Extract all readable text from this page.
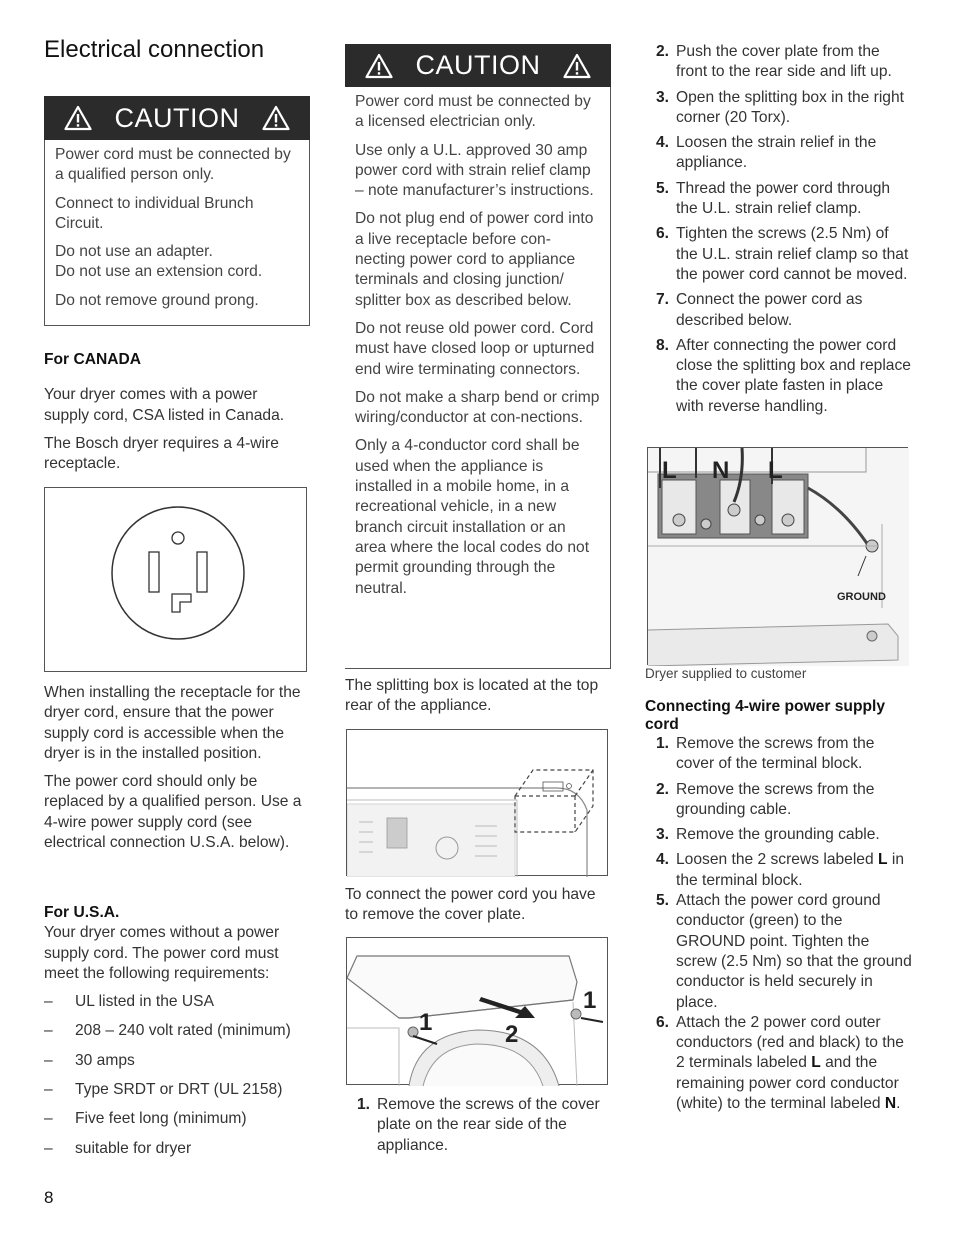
Electrical connection
CAUTION

Power cord must be connected by a qualified person only.

Connect to individual Brunch Circuit.

Do not use an adapter.

Do not use an extension cord.

Do not remove ground prong.

For CANADA

Your dryer comes with a power supply cord, CSA listed in Canada.

The Bosch dryer requires a 4-wire receptacle.

When installing the receptacle for the dryer cord, ensure that the power supply cord is accessible when the dryer is in the installed position.

The power cord should only be replaced by a qualified person. Use a 4-wire power supply cord (see electrical connection U.S.A. below).

For U.S.A.

Your dryer comes without a power supply cord. The power cord must meet the following requirements:

– UL listed in the USA
– 208 – 240 volt rated (minimum)
– 30 amps
– Type SRDT or DRT (UL 2158)
– Five feet long (minimum)
– suitable for dryer
8
CAUTION

Power cord must be connected by a licensed electrician only.

Use only a U.L. approved 30 amp power cord with strain relief clamp – note manufacturer’s instructions.

Do not plug end of power cord into a live receptacle before con-necting power cord to appliance terminals and closing junction/ splitter box as described below.

Do not reuse old power cord. Cord must have closed loop or upturned end wire terminating connectors.

Do not make a sharp bend or crimp wiring/conductor at con-nections.

Only a 4-conductor cord shall be used when the appliance is installed in a mobile home, in a recreational vehicle, in a new branch circuit installation or an area where the local codes do not permit grounding through the neutral.

The splitting box is located at the top rear of the appliance.

To connect the power cord you have to remove the cover plate.

1
1
2
1. Remove the screws of the cover plate on the rear side of the appliance.
2. Push the cover plate from the front to the rear side and lift up.
3. Open the splitting box in the right corner (20 Torx).
4. Loosen the strain relief in the appliance.
5. Thread the power cord through the U.L. strain relief clamp.
6. Tighten the screws (2.5 Nm) of the U.L. strain relief clamp so that the power cord cannot be moved.
7. Connect the power cord as described below.
8. After connecting the power cord close the splitting box and replace the cover plate fasten in place with reverse handling.
L N L
GROUND
Dryer supplied to customer
Connecting 4-wire power supply cord
1. Remove the screws from the cover of the terminal block.
2. Remove the screws from the grounding cable.
3. Remove the grounding cable.
4. Loosen the 2 screws labeled L in the terminal block.
5. Attach the power cord ground conductor (green) to the GROUND point. Tighten the screw (2.5 Nm) so that the ground conductor is held securely in place.
6. Attach the 2 power cord outer conductors (red and black) to the 2 terminals labeled L and the remaining power cord conductor (white) to the terminal labeled N.
